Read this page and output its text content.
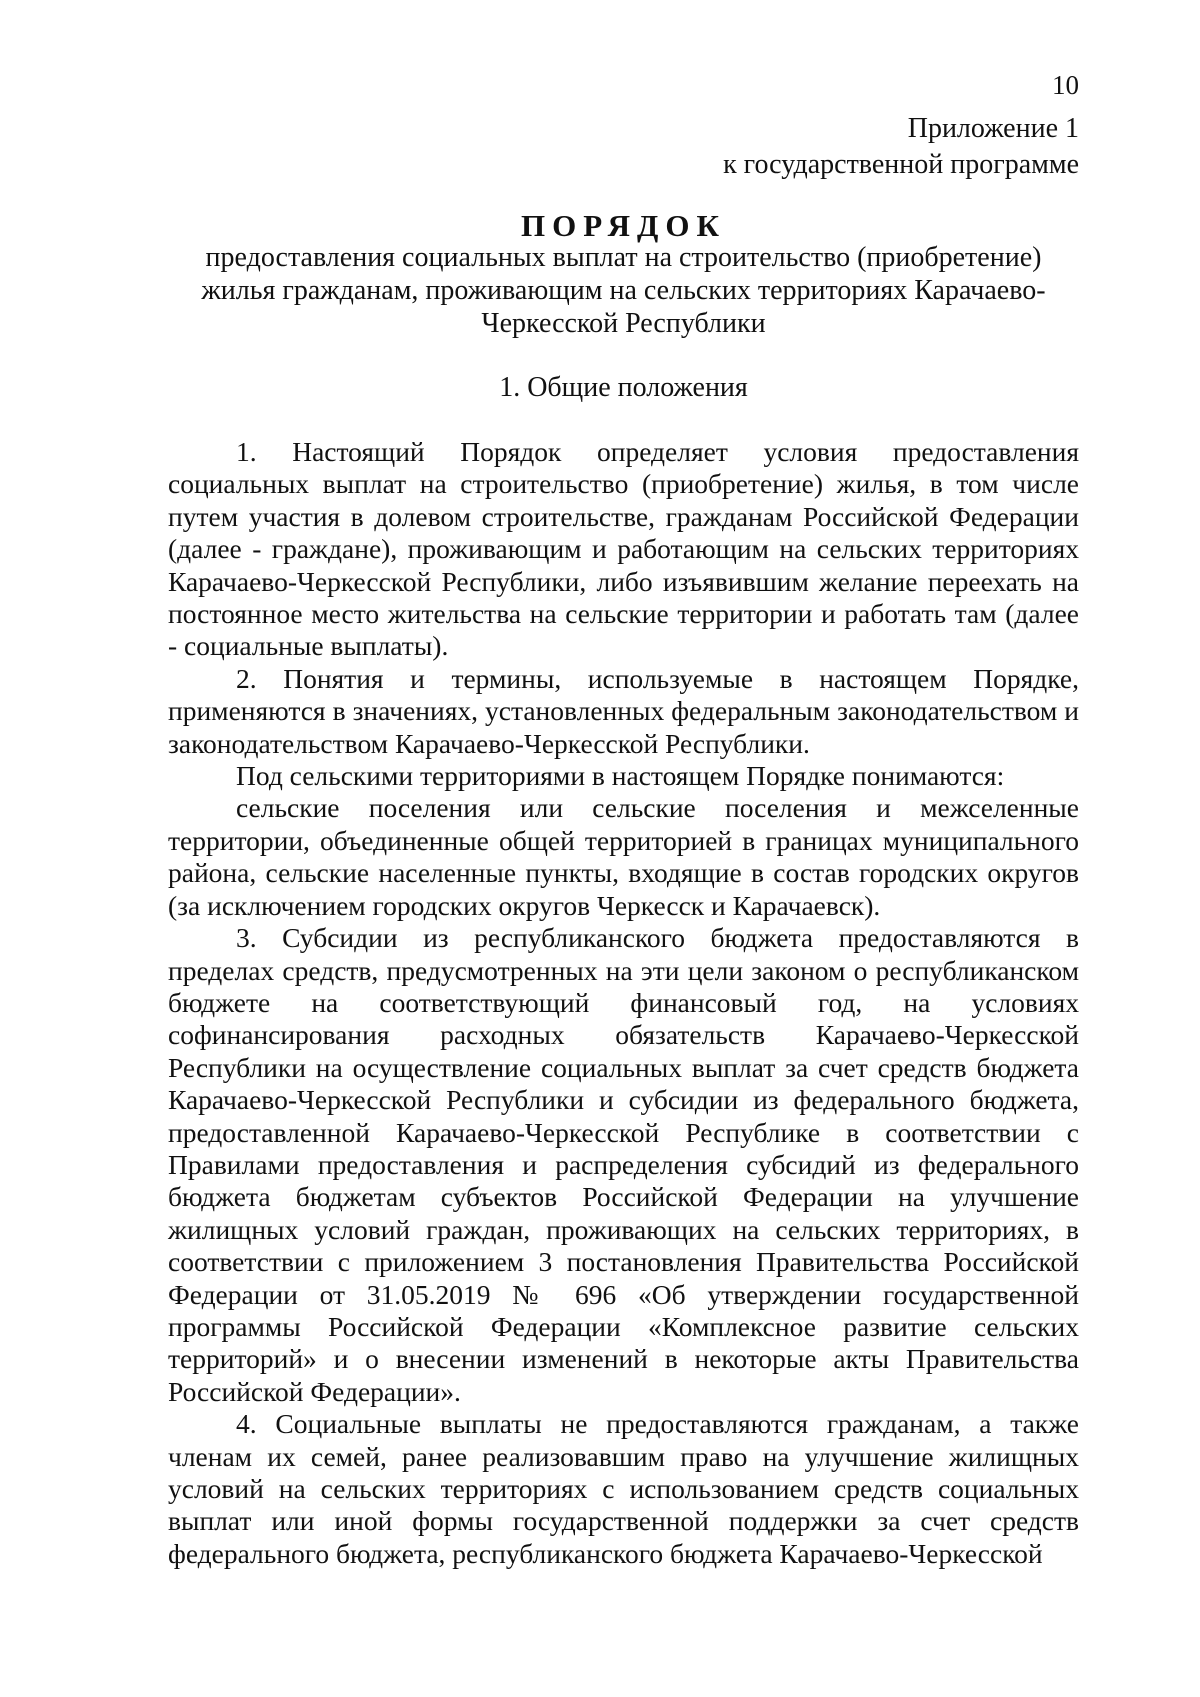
10
Приложение 1
к государственной программе
ПОРЯДОК
предоставления социальных выплат на строительство (приобретение)
жилья гражданам, проживающим на сельских территориях Карачаево-
Черкесской Республики
1. Общие положения

1. Настоящий Порядок определяет условия предоставления социальных выплат на строительство (приобретение) жилья, в том числе путем участия в долевом строительстве, гражданам Российской Федерации (далее - граждане), проживающим и работающим на сельских территориях Карачаево-Черкесской Республики, либо изъявившим желание переехать на постоянное место жительства на сельские территории и работать там (далее - социальные выплаты).

2. Понятия и термины, используемые в настоящем Порядке, применяются в значениях, установленных федеральным законодательством и законодательством Карачаево-Черкесской Республики.

Под сельскими территориями в настоящем Порядке понимаются:

сельские поселения или сельские поселения и межселенные территории, объединенные общей территорией в границах муниципального района, сельские населенные пункты, входящие в состав городских округов (за исключением городских округов Черкесск и Карачаевск).

3. Субсидии из республиканского бюджета предоставляются в пределах средств, предусмотренных на эти цели законом о республиканском бюджете на соответствующий финансовый год, на условиях софинансирования расходных обязательств Карачаево-Черкесской Республики на осуществление социальных выплат за счет средств бюджета Карачаево-Черкесской Республики и субсидии из федерального бюджета, предоставленной Карачаево-Черкесской Республике в соответствии с Правилами предоставления и распределения субсидий из федерального бюджета бюджетам субъектов Российской Федерации на улучшение жилищных условий граждан, проживающих на сельских территориях, в соответствии с приложением 3 постановления Правительства Российской Федерации от 31.05.2019 № 696 «Об утверждении государственной программы Российской Федерации «Комплексное развитие сельских территорий» и о внесении изменений в некоторые акты Правительства Российской Федерации».

4. Социальные выплаты не предоставляются гражданам, а также членам их семей, ранее реализовавшим право на улучшение жилищных условий на сельских территориях с использованием средств социальных выплат или иной формы государственной поддержки за счет средств федерального бюджета, республиканского бюджета Карачаево-Черкесской
